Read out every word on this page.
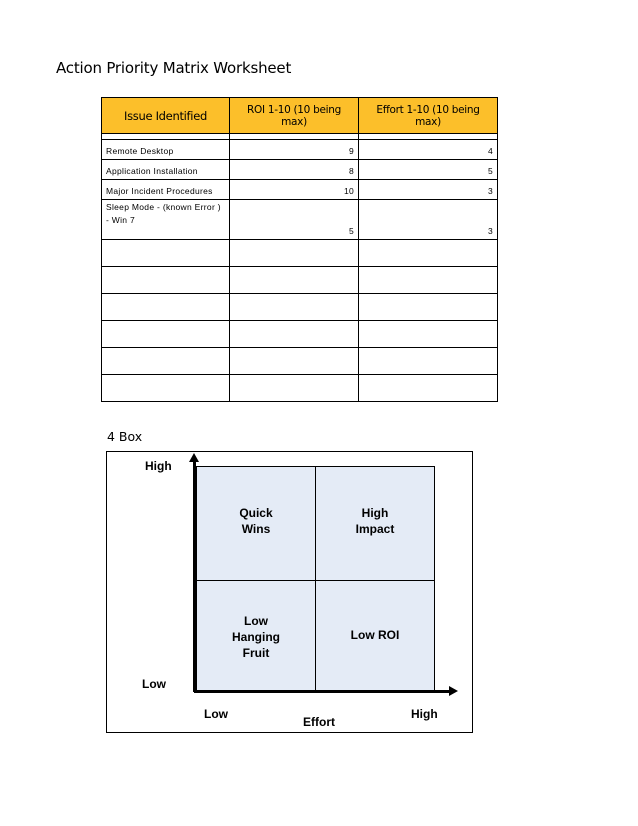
Action Priority Matrix Worksheet
Issue Identified	ROI 1-10 (10 being max)	Effort 1-10 (10 being max)

Remote Desktop	9	4
Application Installation	8	5
Major Incident Procedures	10	3
Sleep Mode - (known Error ) - Win 7	5	3

4 Box
Quick
Wins
High
Impact
Low
Hanging
Fruit
Low ROI
High
Low
Low	High
Effort
